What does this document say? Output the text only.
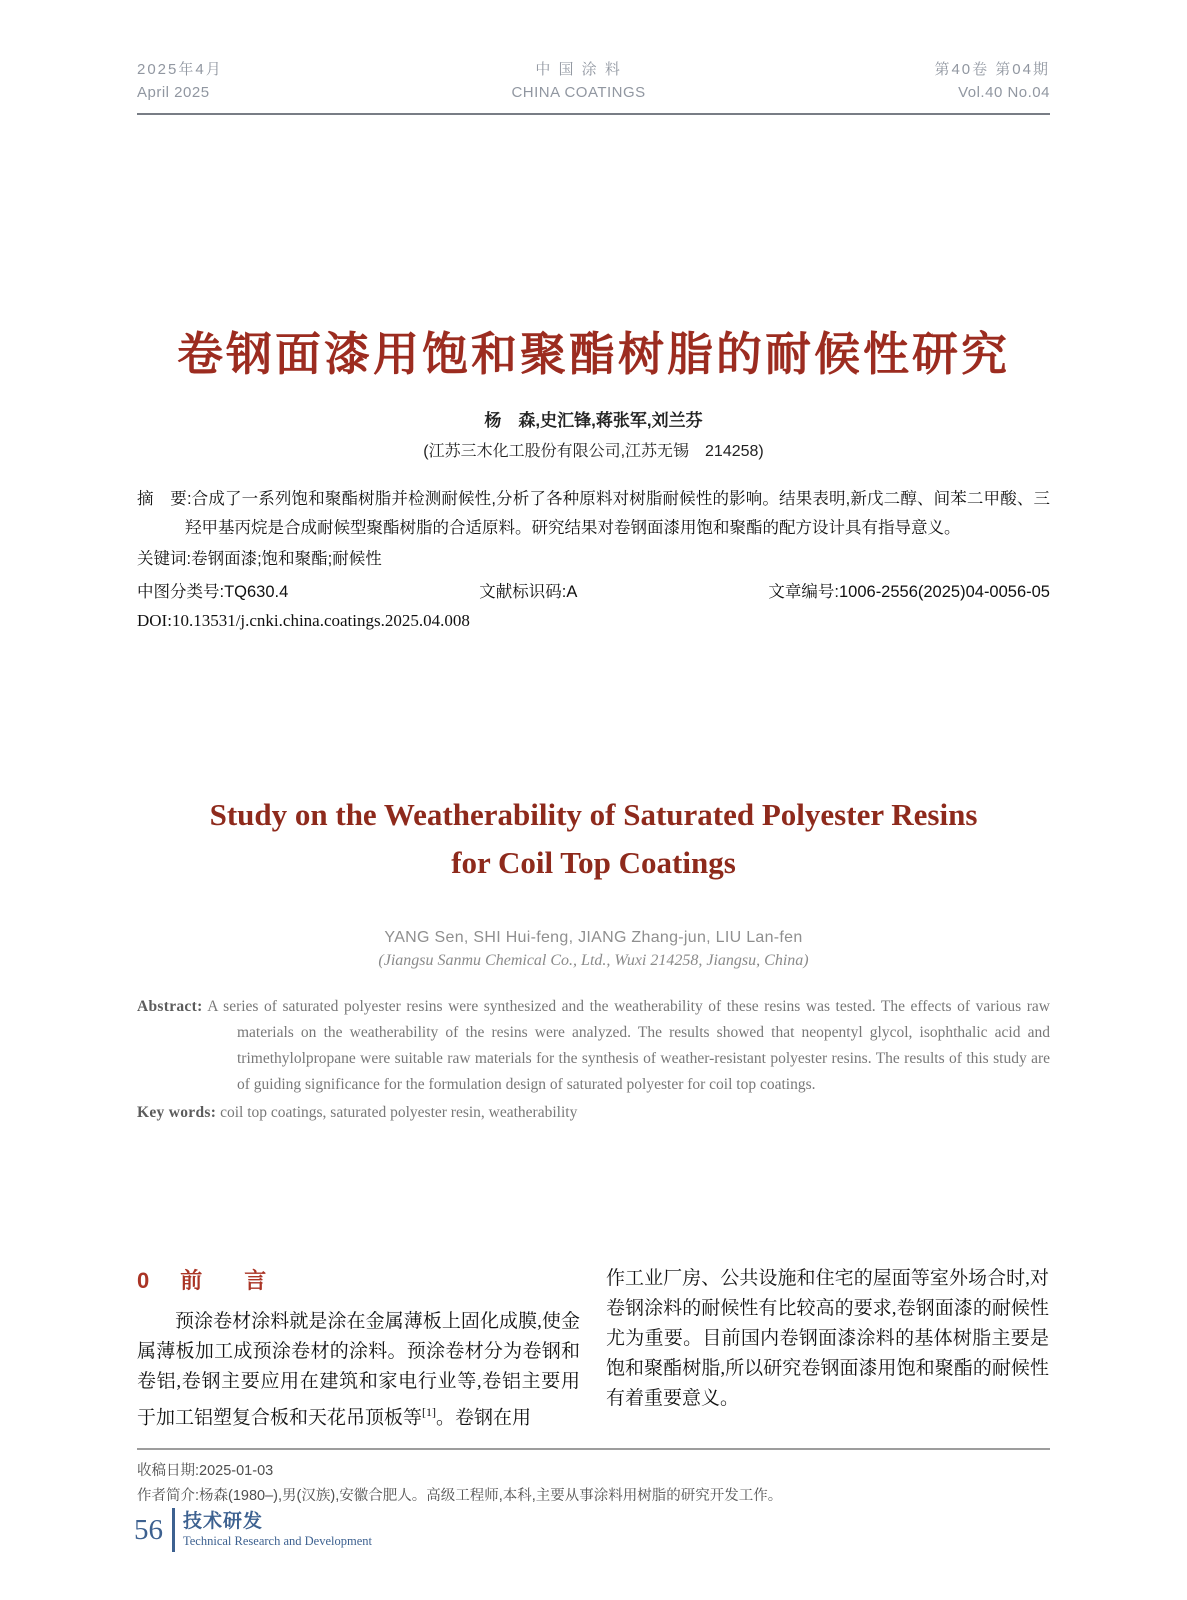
2025年4月
April 2025
中 国 涂 料
CHINA COATINGS
第40卷 第04期
Vol.40 No.04
卷钢面漆用饱和聚酯树脂的耐候性研究
杨　森,史汇锋,蒋张军,刘兰芬
(江苏三木化工股份有限公司,江苏无锡　214258)

摘　要:合成了一系列饱和聚酯树脂并检测耐候性,分析了各种原料对树脂耐候性的影响。结果表明,新戊二醇、间苯二甲酸、三羟甲基丙烷是合成耐候型聚酯树脂的合适原料。研究结果对卷钢面漆用饱和聚酯的配方设计具有指导意义。

关键词:卷钢面漆;饱和聚酯;耐候性

中图分类号:TQ630.4	文献标识码:A	文章编号:1006-2556(2025)04-0056-05
DOI:10.13531/j.cnki.china.coatings.2025.04.008
Study on the Weatherability of Saturated Polyester Resins
for Coil Top Coatings
YANG Sen, SHI Hui-feng, JIANG Zhang-jun, LIU Lan-fen
(Jiangsu Sanmu Chemical Co., Ltd., Wuxi 214258, Jiangsu, China)

Abstract: A series of saturated polyester resins were synthesized and the weatherability of these resins was tested. The effects of various raw materials on the weatherability of the resins were analyzed. The results showed that neopentyl glycol, isophthalic acid and trimethylolpropane were suitable raw materials for the synthesis of weather-resistant polyester resins. The results of this study are of guiding significance for the formulation design of saturated polyester for coil top coatings.

Key words: coil top coatings, saturated polyester resin, weatherability

0 前　言

预涂卷材涂料就是涂在金属薄板上固化成膜,使金属薄板加工成预涂卷材的涂料。预涂卷材分为卷钢和卷铝,卷钢主要应用在建筑和家电行业等,卷铝主要用于加工铝塑复合板和天花吊顶板等[1]。卷钢在用

作工业厂房、公共设施和住宅的屋面等室外场合时,对卷钢涂料的耐候性有比较高的要求,卷钢面漆的耐候性尤为重要。目前国内卷钢面漆涂料的基体树脂主要是饱和聚酯树脂,所以研究卷钢面漆用饱和聚酯的耐候性有着重要意义。

收稿日期:2025-01-03
作者简介:杨森(1980–),男(汉族),安徽合肥人。高级工程师,本科,主要从事涂料用树脂的研究开发工作。
56 技术研发
Technical Research and Development
